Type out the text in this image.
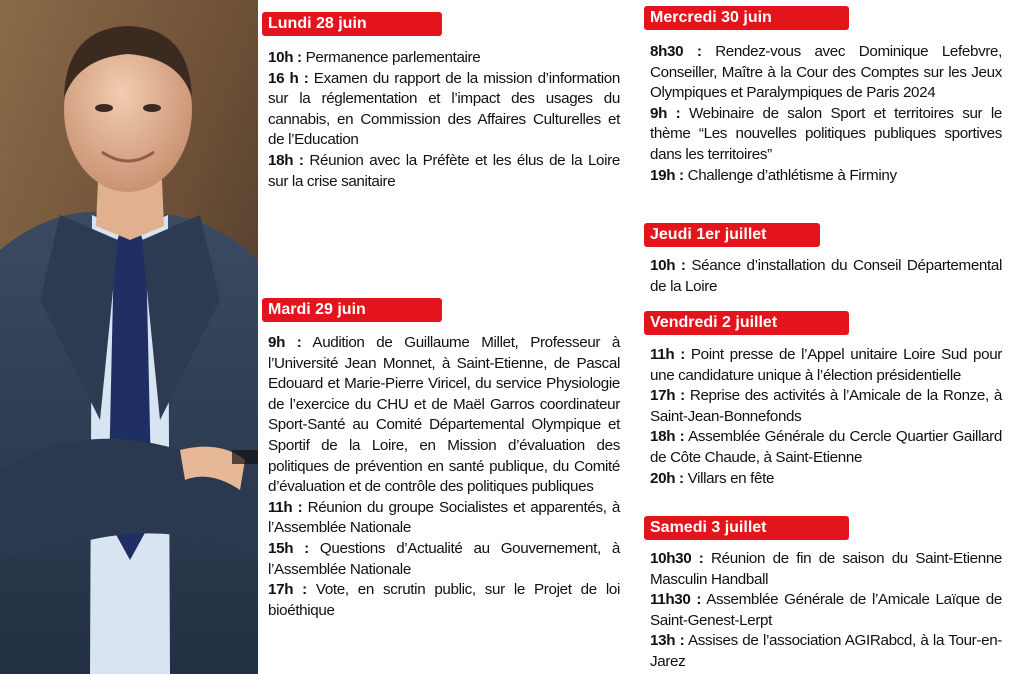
Lundi 28 juin

10h : Permanence parlementaire

16 h : Examen du rapport de la mission d’information sur la réglementation et l’impact des usages du cannabis, en Commission des Affaires Culturelles et de l’Education

18h : Réunion avec la Préfète et les élus de la Loire sur la crise sanitaire

Mardi 29 juin

9h : Audition de Guillaume Millet, Professeur à l’Université Jean Monnet, à Saint-Etienne, de Pascal Edouard et Marie-Pierre Viricel, du service Physiologie de l’exercice du CHU et de Maël Garros coordinateur Sport-Santé au Comité Départemental Olympique et Sportif de la Loire, en Mission d’évaluation des politiques de prévention en santé publique, du Comité d’évaluation et de contrôle des politiques publiques

11h : Réunion du groupe Socialistes et apparentés, à l’Assemblée Nationale

15h : Questions d’Actualité au Gouvernement, à l’Assemblée Nationale

17h : Vote, en scrutin public, sur le Projet de loi bioéthique

Mercredi 30 juin

8h30 : Rendez-vous avec Dominique Lefebvre, Conseiller, Maître à la Cour des Comptes sur les Jeux Olympiques et Paralympiques de Paris 2024

9h : Webinaire de salon Sport et territoires sur le thème “Les nouvelles politiques publiques sportives dans les territoires”

19h : Challenge d’athlétisme à Firminy

Jeudi 1er juillet

10h : Séance d’installation du Conseil Départemental de la Loire

Vendredi 2 juillet

11h : Point presse de l’Appel unitaire Loire Sud pour une candidature unique à l’élection présidentielle

17h : Reprise des activités à l’Amicale de la Ronze, à Saint-Jean-Bonnefonds

18h : Assemblée Générale du Cercle Quartier Gaillard de Côte Chaude, à Saint-Etienne

20h : Villars en fête

Samedi 3 juillet

10h30 : Réunion de fin de saison du Saint-Etienne Masculin Handball

11h30 : Assemblée Générale de l’Amicale Laïque de Saint-Genest-Lerpt

13h : Assises de l’association AGIRabcd, à la Tour-en-Jarez
